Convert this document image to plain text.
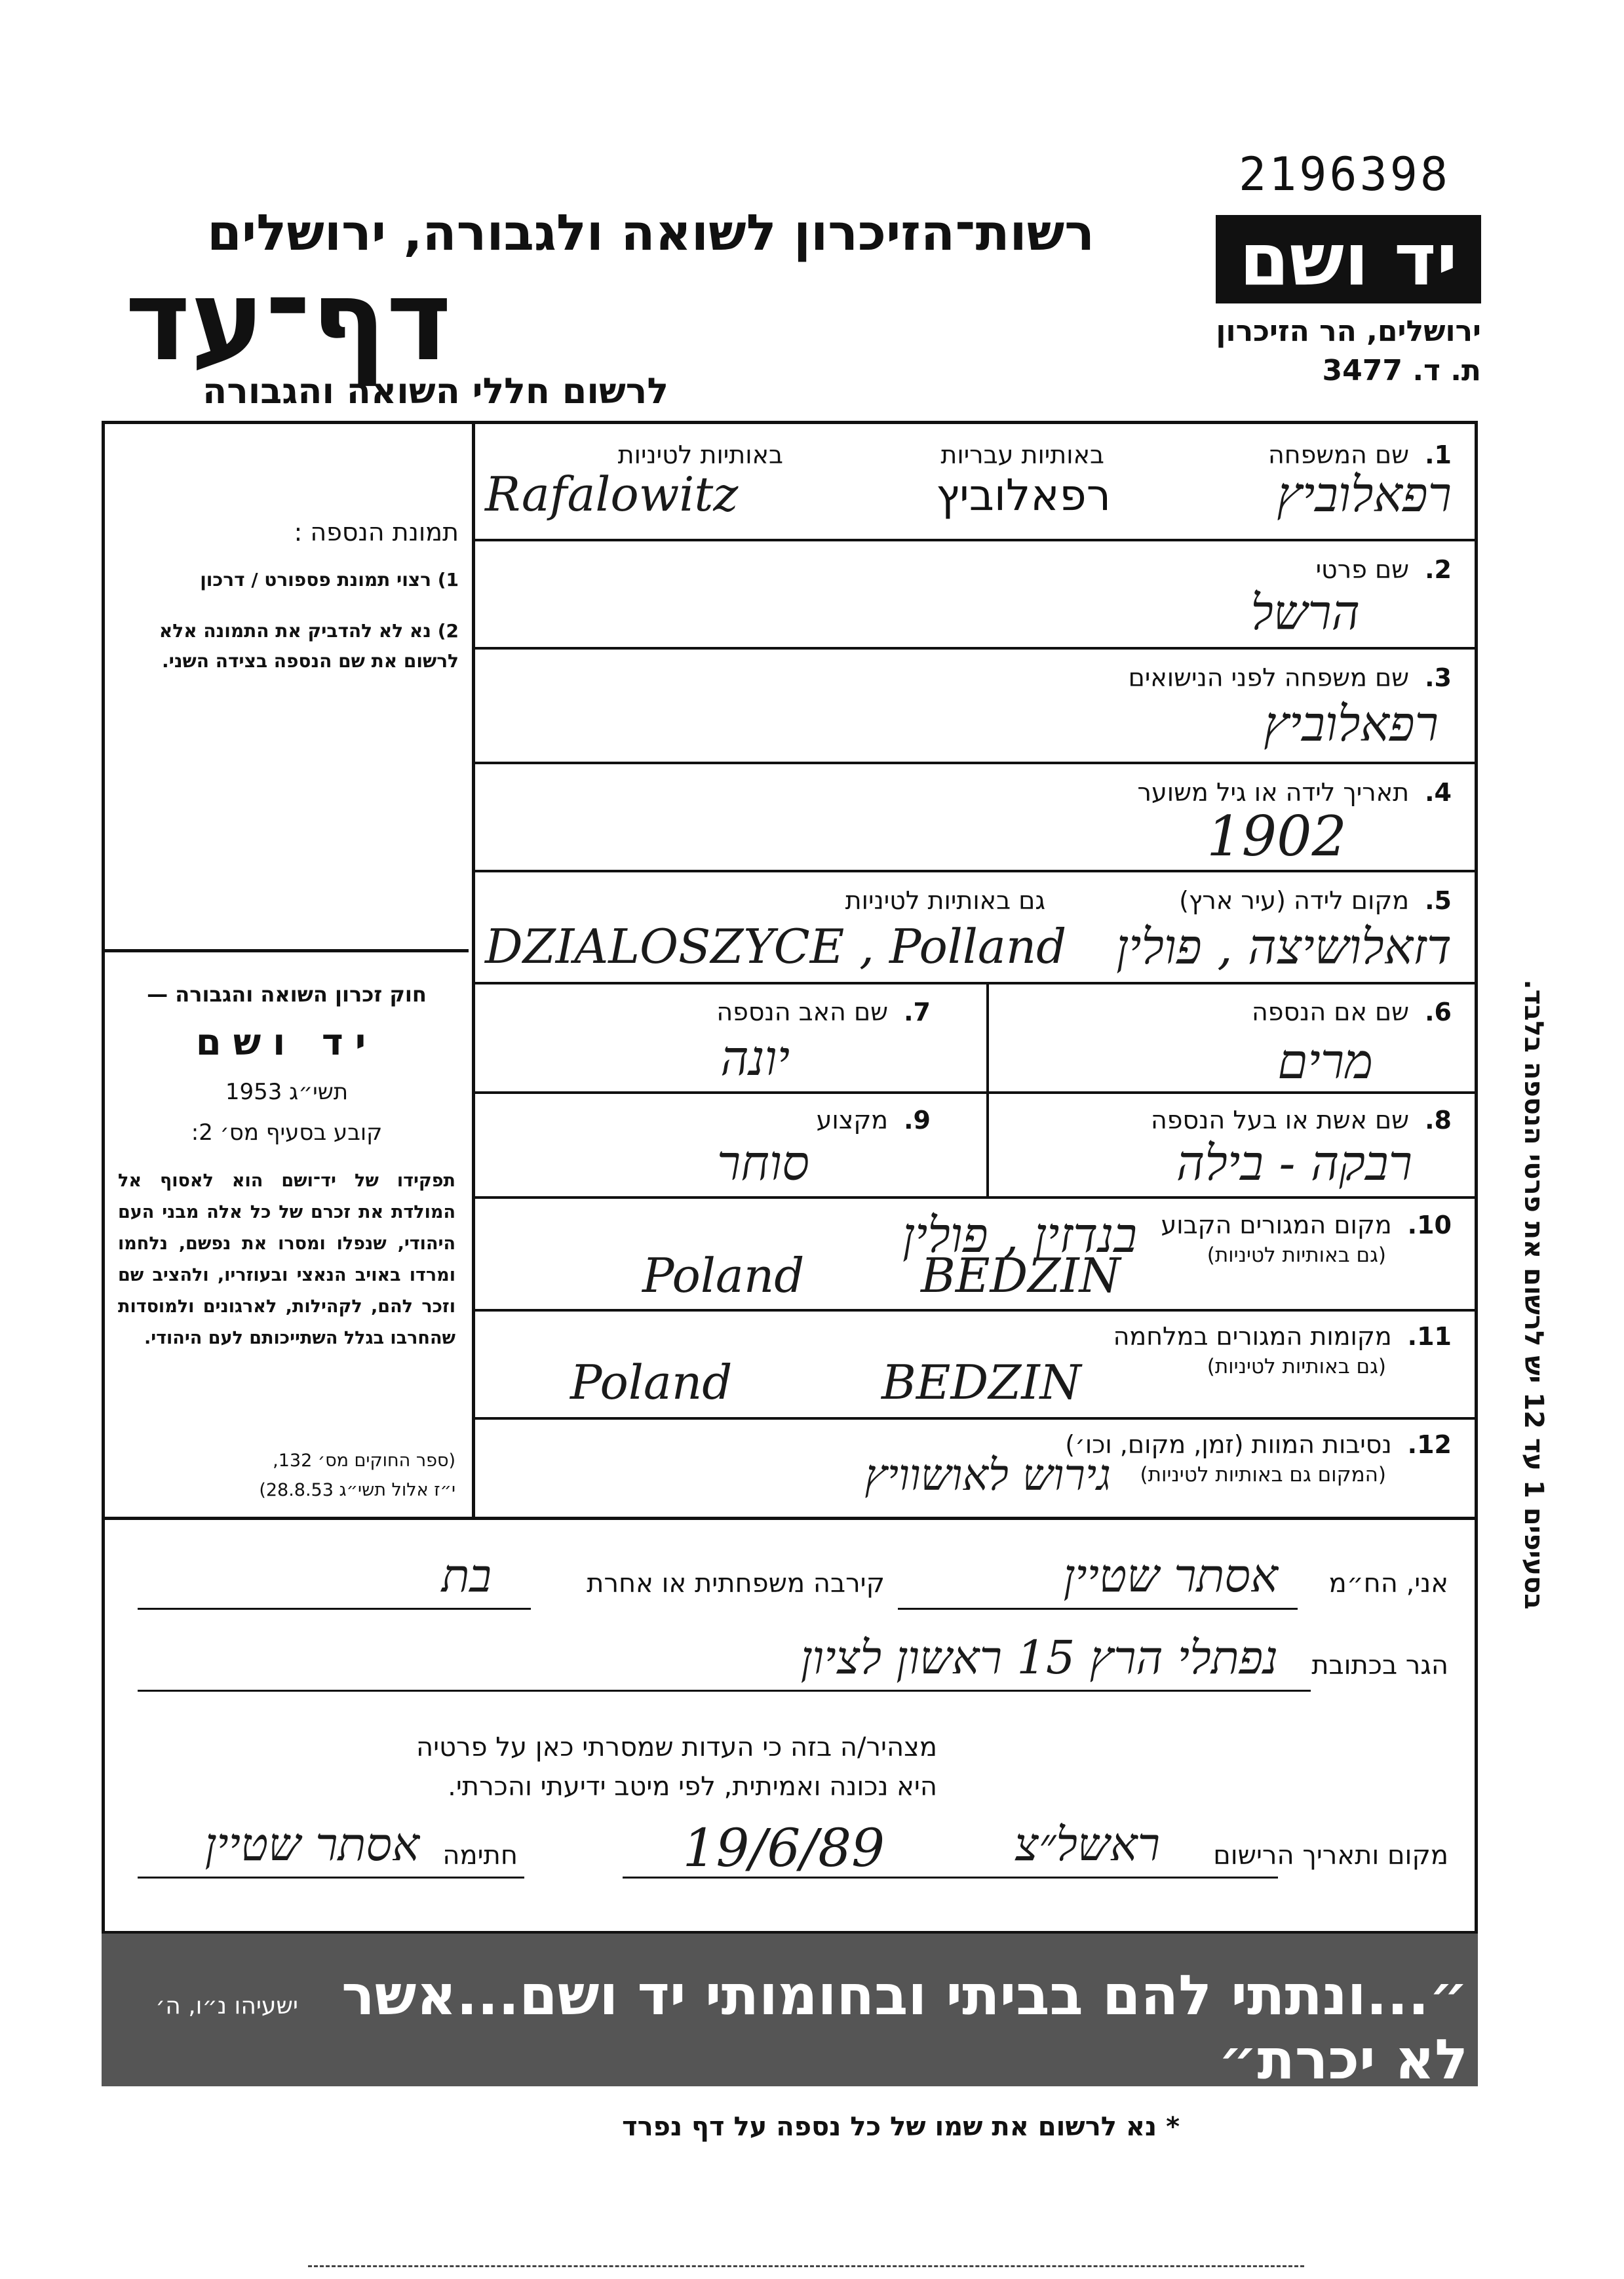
2196398
יד ושם
ירושלים, הר הזיכרון
ת. ד. 3477
רשות־הזיכרון לשואה ולגבורה, ירושלים
דף־עד
לרשום חללי השואה והגבורה
תמונת הנספה :
1) רצוי תמונת פספורט / דרכון
2) נא לא להדביק את התמונה אלא לרשום את שם הנספה בצידה השני.
חוק זכרון השואה והגבורה —
יד ושם
תשי״ג 1953
קובע בסעיף מס׳ 2:
תפקידו של יד־ושם הוא לאסוף אל המולדת את זכרם של כל אלה מבני העם היהודי, שנפלו ומסרו את נפשם, נלחמו ומרדו באויב הנאצי ובעוזריו, ולהציב שם וזכר להם, לקהילות, לארגונים ולמוסדות שהחרבו בגלל השתייכותם לעם היהודי.
(ספר החוקים מס׳ 132,
י״ז אלול תשי״ג 28.8.53)
1.שם המשפחה
באותיות עבריות
באותיות לטיניות
רפאלוביץ
רפאלוביץ
Rafalowitz
2.שם פרטי
הרשל
3.שם משפחה לפני הנישואים
רפאלוביץ
4.תאריך לידה או גיל משוער
1902
5.מקום לידה (עיר ארץ)
גם באותיות לטיניות
דזאלושיצה , פולין
DZIALOSZYCE , Polland
6.שם אם הנספה
מרים
7.שם האב הנספה
יונה
8.שם אשת או בעל הנספה
רבקה - בילה
9.מקצוע
סוחר
10.מקום המגורים הקבוע
(גם באותיות לטיניות)
בנדזין , פולין
Poland BEDZIN
11.מקומות המגורים במלחמה
(גם באותיות לטיניות)
Poland	BEDZIN
12.נסיבות המוות (זמן, מקום, וכו׳)
(המקום גם באותיות לטיניות)
גירוש לאושוויץ
אני, הח״מ
אסתר שטיין
קירבה משפחתית או אחרת
בת
הגר בכתובת
נפתלי הרץ 15 ראשון לציון
מצהיר/ה בזה כי העדות שמסרתי כאן על פרטיה
היא נכונה ואמיתית, לפי מיטב ידיעתי והכרתי.
מקום ותאריך הרישום
ראשל״צ
19/6/89
חתימה
אסתר שטיין
״...ונתתי להם בביתי ובחומותי יד ושם...אשר לא יכרת״
ישעיהו נ״ו, ה׳
בסעיפים 1 עד 12 יש לרשום את פרטי הנספה בלבד.
* נא לרשום את שמו של כל נספה על דף נפרד
